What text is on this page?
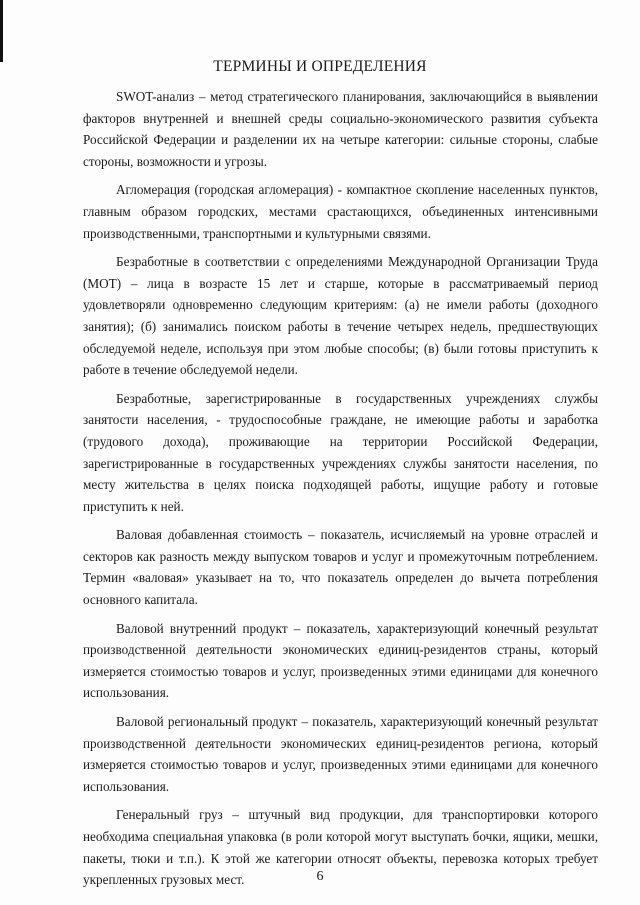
ТЕРМИНЫ И ОПРЕДЕЛЕНИЯ

SWOT-анализ – метод стратегического планирования, заключающийся в выявлении факторов внутренней и внешней среды социально-экономического развития субъекта Российской Федерации и разделении их на четыре категории: сильные стороны, слабые стороны, возможности и угрозы.

Агломерация (городская агломерация) - компактное скопление населенных пунктов, главным образом городских, местами срастающихся, объединенных интенсивными производственными, транспортными и культурными связями.

Безработные в соответствии с определениями Международной Организации Труда (МОТ) – лица в возрасте 15 лет и старше, которые в рассматриваемый период удовлетворяли одновременно следующим критериям: (а) не имели работы (доходного занятия); (б) занимались поиском работы в течение четырех недель, предшествующих обследуемой неделе, используя при этом любые способы; (в) были готовы приступить к работе в течение обследуемой недели.

Безработные, зарегистрированные в государственных учреждениях службы занятости населения, - трудоспособные граждане, не имеющие работы и заработка (трудового дохода), проживающие на территории Российской Федерации, зарегистрированные в государственных учреждениях службы занятости населения, по месту жительства в целях поиска подходящей работы, ищущие работу и готовые приступить к ней.

Валовая добавленная стоимость – показатель, исчисляемый на уровне отраслей и секторов как разность между выпуском товаров и услуг и промежуточным потреблением. Термин «валовая» указывает на то, что показатель определен до вычета потребления основного капитала.

Валовой внутренний продукт – показатель, характеризующий конечный результат производственной деятельности экономических единиц-резидентов страны, который измеряется стоимостью товаров и услуг, произведенных этими единицами для конечного использования.

Валовой региональный продукт – показатель, характеризующий конечный результат производственной деятельности экономических единиц-резидентов региона, который измеряется стоимостью товаров и услуг, произведенных этими единицами для конечного использования.

Генеральный груз – штучный вид продукции, для транспортировки которого необходима специальная упаковка (в роли которой могут выступать бочки, ящики, мешки, пакеты, тюки и т.п.). К этой же категории относят объекты, перевозка которых требует укрепленных грузовых мест.	6
